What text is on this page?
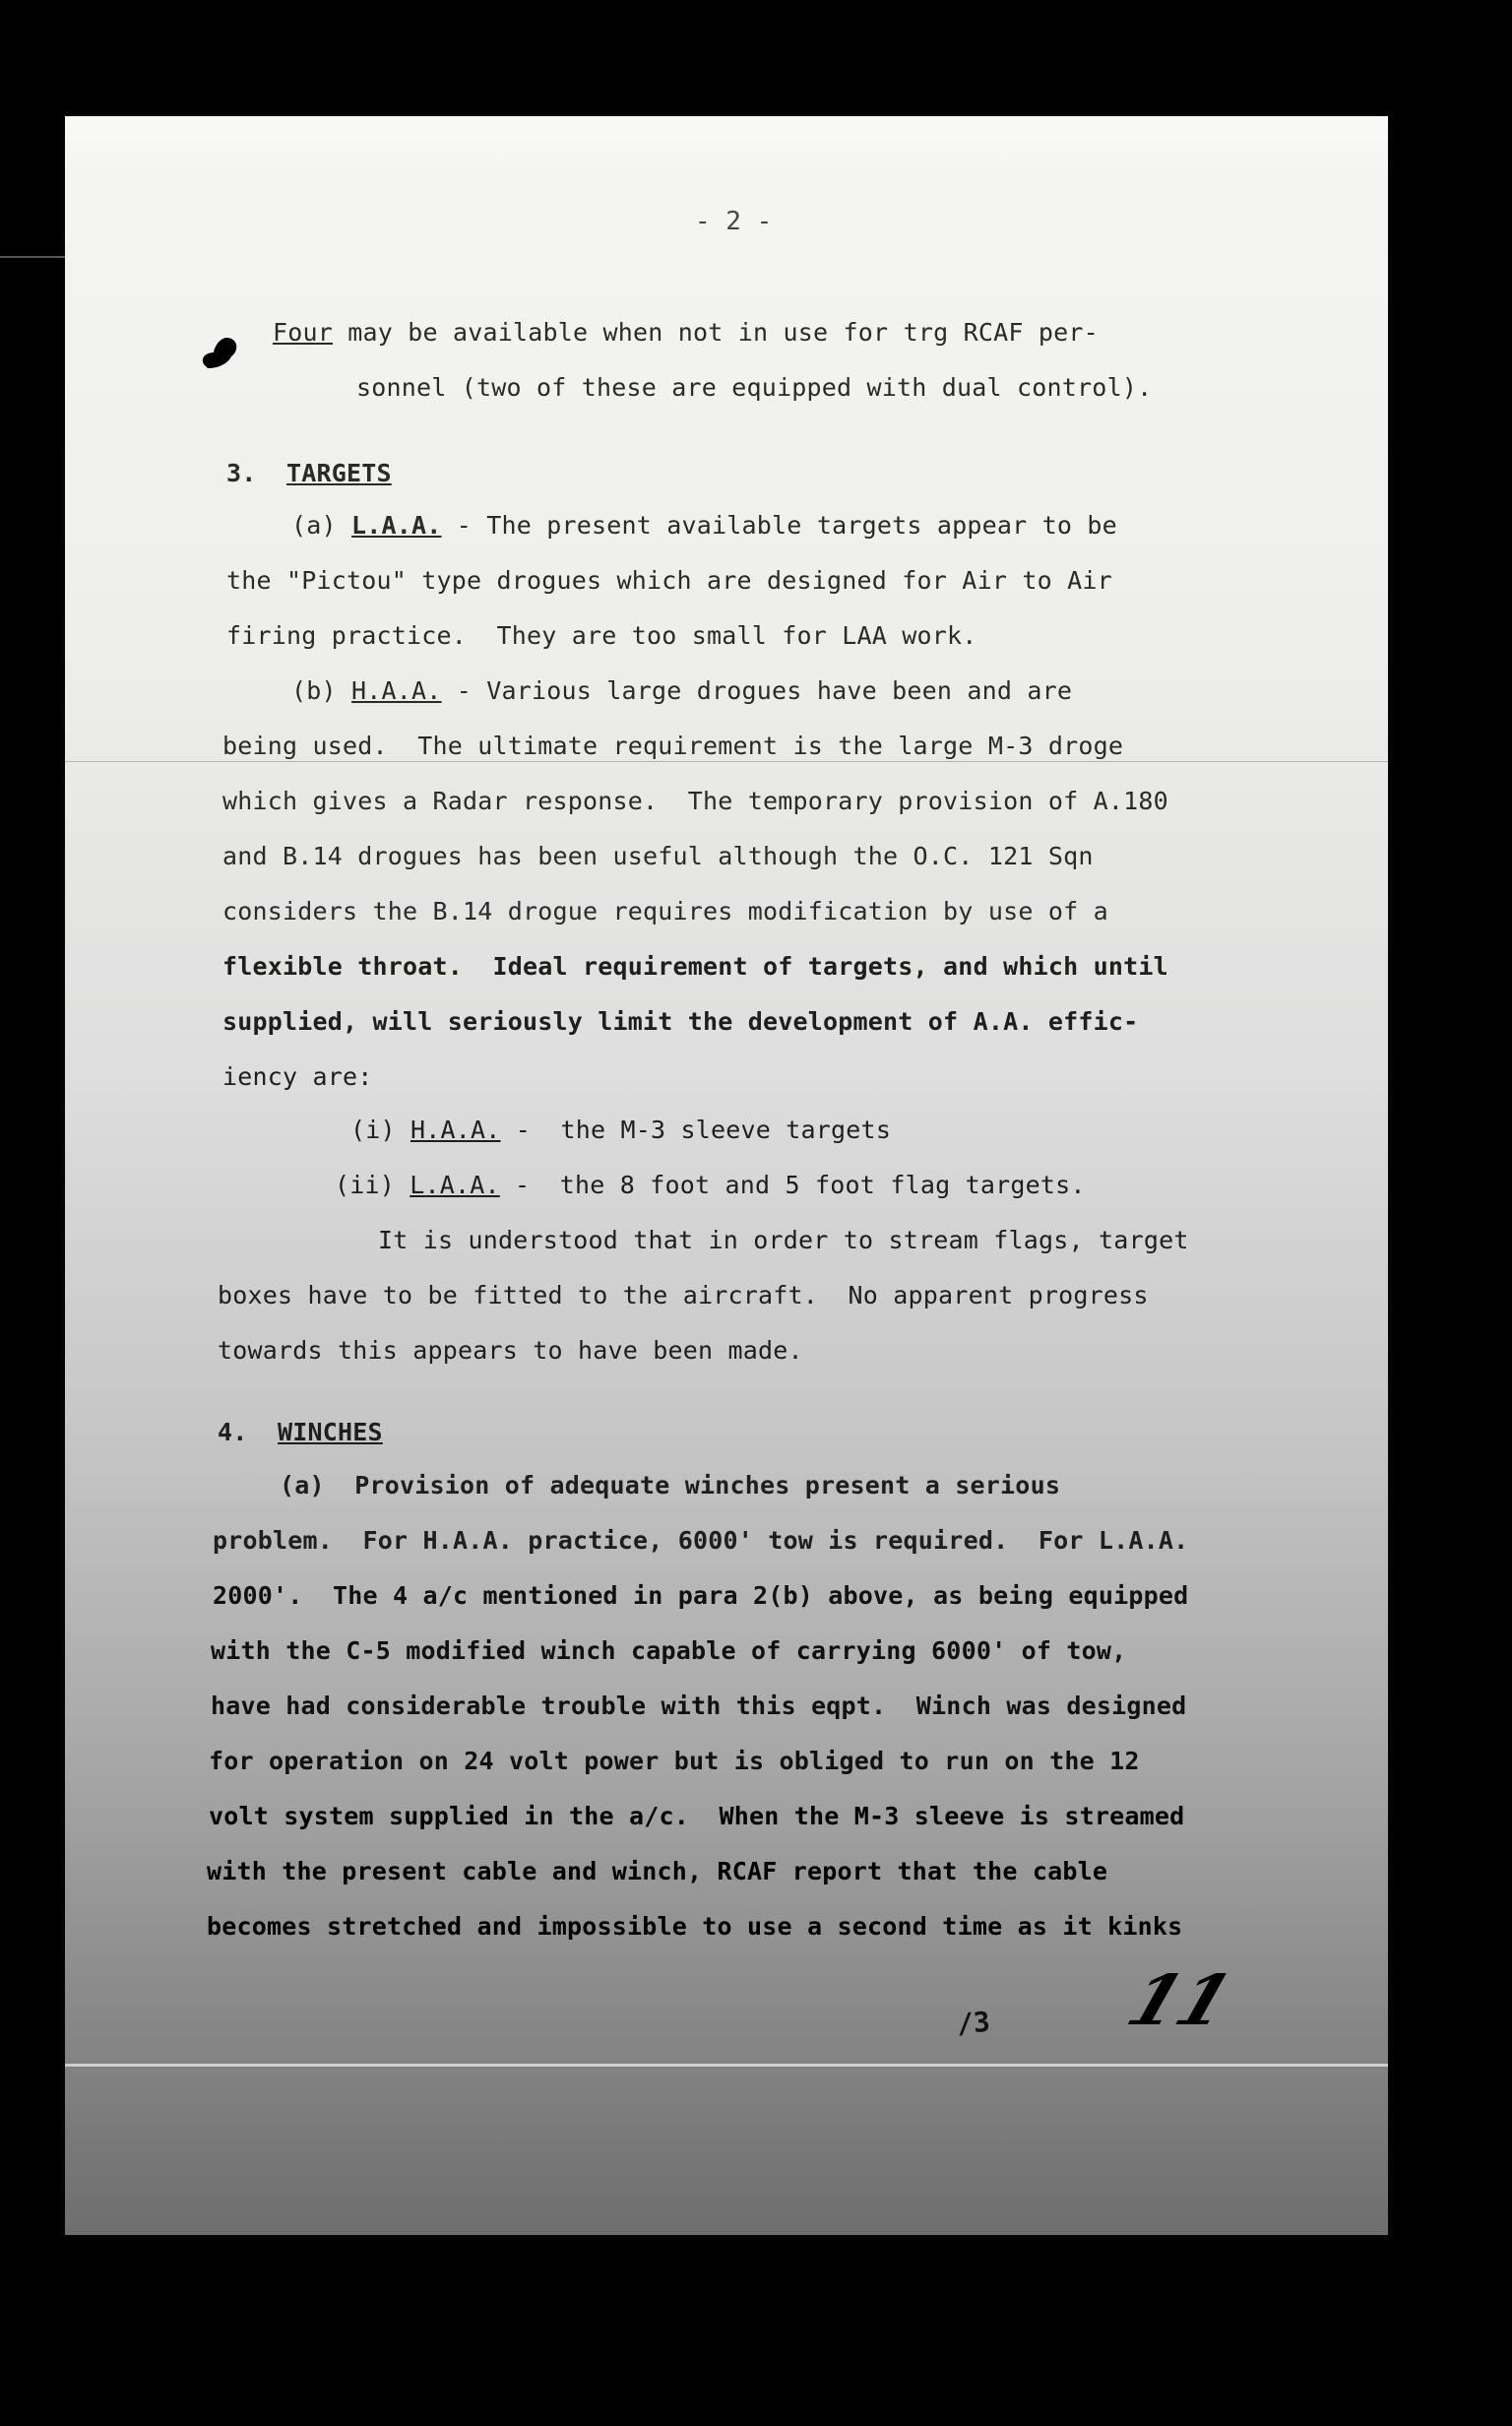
- 2 -
Four may be available when not in use for trg RCAF per-
sonnel (two of these are equipped with dual control).
3. TARGETS
(a) L.A.A. - The present available targets appear to be
the "Pictou" type drogues which are designed for Air to Air
firing practice.  They are too small for LAA work.
(b) H.A.A. - Various large drogues have been and are
being used.  The ultimate requirement is the large M-3 droge
which gives a Radar response.  The temporary provision of A.180
and B.14 drogues has been useful although the O.C. 121 Sqn
considers the B.14 drogue requires modification by use of a
flexible throat.  Ideal requirement of targets, and which until
supplied, will seriously limit the development of A.A. effic-
iency are:
(i) H.A.A. -  the M-3 sleeve targets
(ii) L.A.A. -  the 8 foot and 5 foot flag targets.
It is understood that in order to stream flags, target
boxes have to be fitted to the aircraft.  No apparent progress
towards this appears to have been made.
4. WINCHES
(a)  Provision of adequate winches present a serious
problem.  For H.A.A. practice, 6000' tow is required.  For L.A.A.
2000'.  The 4 a/c mentioned in para 2(b) above, as being equipped
with the C-5 modified winch capable of carrying 6000' of tow,
have had considerable trouble with this eqpt.  Winch was designed
for operation on 24 volt power but is obliged to run on the 12
volt system supplied in the a/c.  When the M-3 sleeve is streamed
with the present cable and winch, RCAF report that the cable
becomes stretched and impossible to use a second time as it kinks
/3 11
